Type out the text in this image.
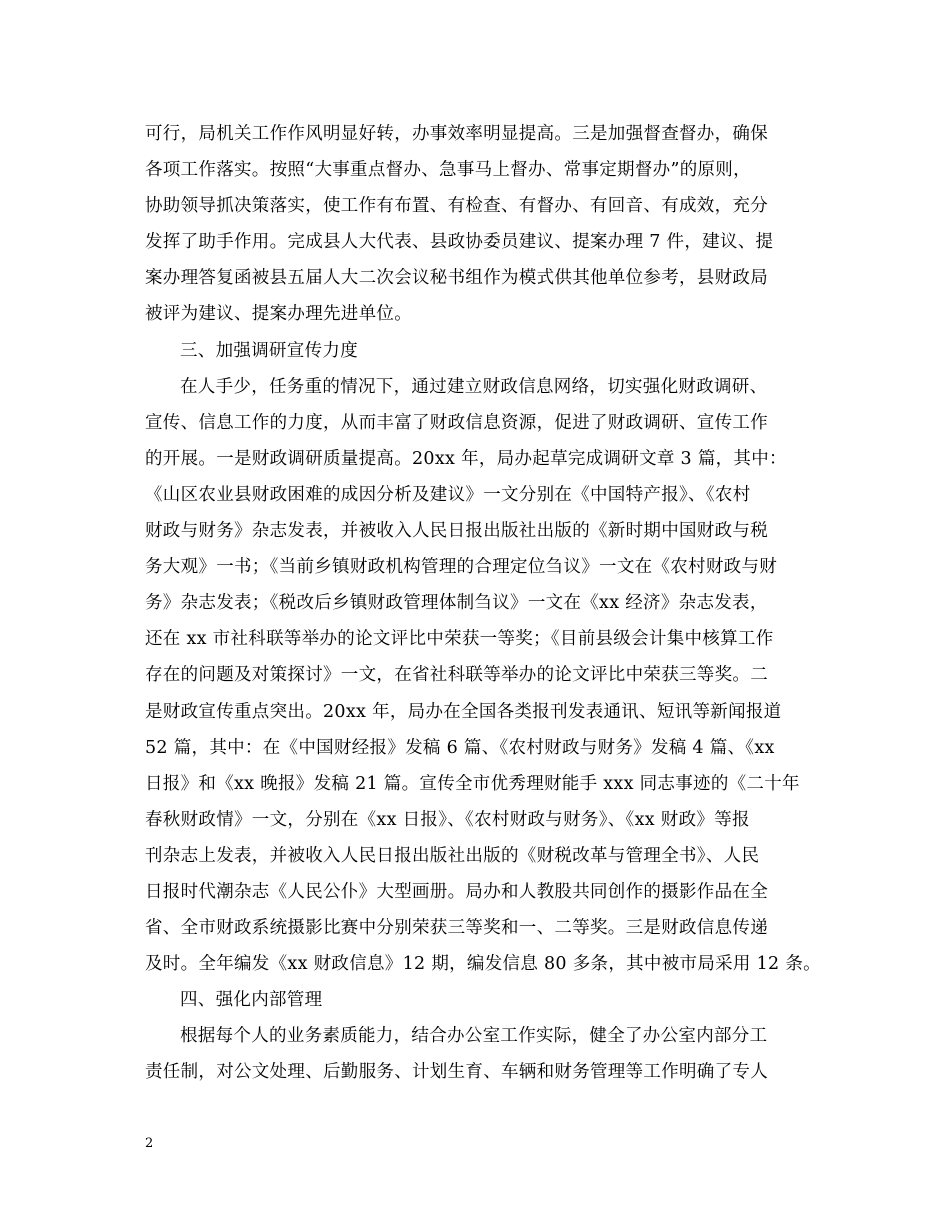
可行，局机关工作作风明显好转，办事效率明显提高。三是加强督查督办，确保
各项工作落实。按照“大事重点督办、急事马上督办、常事定期督办”的原则，
协助领导抓决策落实，使工作有布置、有检查、有督办、有回音、有成效，充分
发挥了助手作用。完成县人大代表、县政协委员建议、提案办理 7 件，建议、提
案办理答复函被县五届人大二次会议秘书组作为模式供其他单位参考，县财政局
被评为建议、提案办理先进单位。
三、加强调研宣传力度
在人手少，任务重的情况下，通过建立财政信息网络，切实强化财政调研、
宣传、信息工作的力度，从而丰富了财政信息资源，促进了财政调研、宣传工作
的开展。一是财政调研质量提高。20xx 年，局办起草完成调研文章 3 篇，其中：
《山区农业县财政困难的成因分析及建议》一文分别在《中国特产报》、《农村
财政与财务》杂志发表，并被收入人民日报出版社出版的《新时期中国财政与税
务大观》一书；《当前乡镇财政机构管理的合理定位刍议》一文在《农村财政与财
务》杂志发表；《税改后乡镇财政管理体制刍议》一文在《xx 经济》杂志发表，
还在 xx 市社科联等举办的论文评比中荣获一等奖；《目前县级会计集中核算工作
存在的问题及对策探讨》一文，在省社科联等举办的论文评比中荣获三等奖。二
是财政宣传重点突出。20xx 年，局办在全国各类报刊发表通讯、短讯等新闻报道
52 篇，其中：在《中国财经报》发稿 6 篇、《农村财政与财务》发稿 4 篇、《xx
日报》和《xx 晚报》发稿 21 篇。宣传全市优秀理财能手 xxx 同志事迹的《二十年
春秋财政情》一文，分别在《xx 日报》、《农村财政与财务》、《xx 财政》等报
刊杂志上发表，并被收入人民日报出版社出版的《财税改革与管理全书》、人民
日报时代潮杂志《人民公仆》大型画册。局办和人教股共同创作的摄影作品在全
省、全市财政系统摄影比赛中分别荣获三等奖和一、二等奖。三是财政信息传递
及时。全年编发《xx 财政信息》12 期，编发信息 80 多条，其中被市局采用 12 条。
四、强化内部管理
根据每个人的业务素质能力，结合办公室工作实际，健全了办公室内部分工
责任制，对公文处理、后勤服务、计划生育、车辆和财务管理等工作明确了专人
2
